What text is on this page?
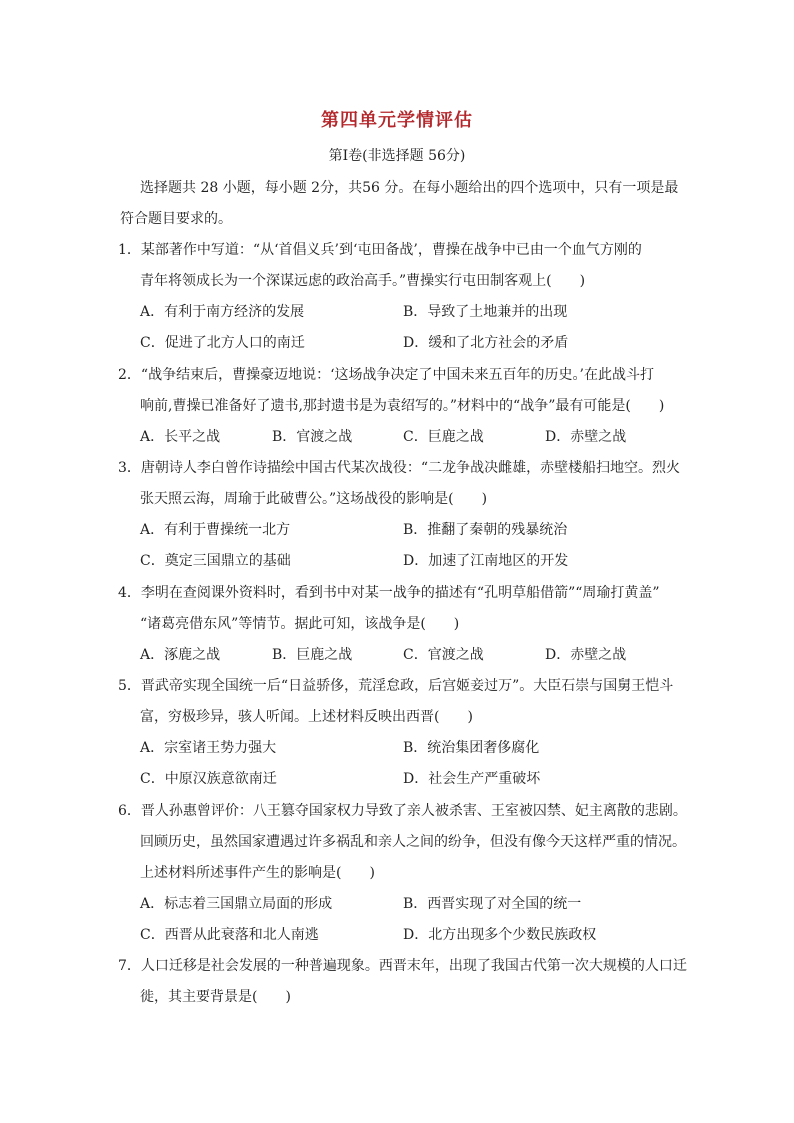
第四单元学情评估
第Ⅰ卷(非选择题 56分)
选择题共 28 小题，每小题 2分，共56 分。在每小题给出的四个选项中，只有一项是最
符合题目要求的。
1．某部著作中写道：“从‘首倡义兵’到‘屯田备战’，曹操在战争中已由一个血气方刚的
青年将领成长为一个深谋远虑的政治高手。”曹操实行屯田制客观上(　　)
A．有利于南方经济的发展	B．导致了土地兼并的出现
C．促进了北方人口的南迁	D．缓和了北方社会的矛盾
2．“战争结束后，曹操豪迈地说：‘这场战争决定了中国未来五百年的历史。’在此战斗打
响前,曹操已准备好了遗书,那封遗书是为袁绍写的。”材料中的“战争”最有可能是(　　)
A．长平之战	B．官渡之战	C．巨鹿之战	D．赤壁之战
3．唐朝诗人李白曾作诗描绘中国古代某次战役：“二龙争战决雌雄，赤壁楼船扫地空。烈火
张天照云海，周瑜于此破曹公。”这场战役的影响是(　　)
A．有利于曹操统一北方	B．推翻了秦朝的残暴统治
C．奠定三国鼎立的基础	D．加速了江南地区的开发
4．李明在查阅课外资料时，看到书中对某一战争的描述有“孔明草船借箭”“周瑜打黄盖”
“诸葛亮借东风”等情节。据此可知，该战争是(　　)
A．涿鹿之战	B．巨鹿之战	C．官渡之战	D．赤壁之战
5．晋武帝实现全国统一后“日益骄侈，荒淫怠政，后宫姬妾过万”。大臣石崇与国舅王恺斗
富，穷极珍异，骇人听闻。上述材料反映出西晋(　　)
A．宗室诸王势力强大	B．统治集团奢侈腐化
C．中原汉族意欲南迁	D．社会生产严重破坏
6．晋人孙惠曾评价：八王篡夺国家权力导致了亲人被杀害、王室被囚禁、妃主离散的悲剧。
回顾历史，虽然国家遭遇过许多祸乱和亲人之间的纷争，但没有像今天这样严重的情况。
上述材料所述事件产生的影响是(　　)
A．标志着三国鼎立局面的形成	B．西晋实现了对全国的统一
C．西晋从此衰落和北人南逃	D．北方出现多个少数民族政权
7．人口迁移是社会发展的一种普遍现象。西晋末年，出现了我国古代第一次大规模的人口迁
徙，其主要背景是(　　)
